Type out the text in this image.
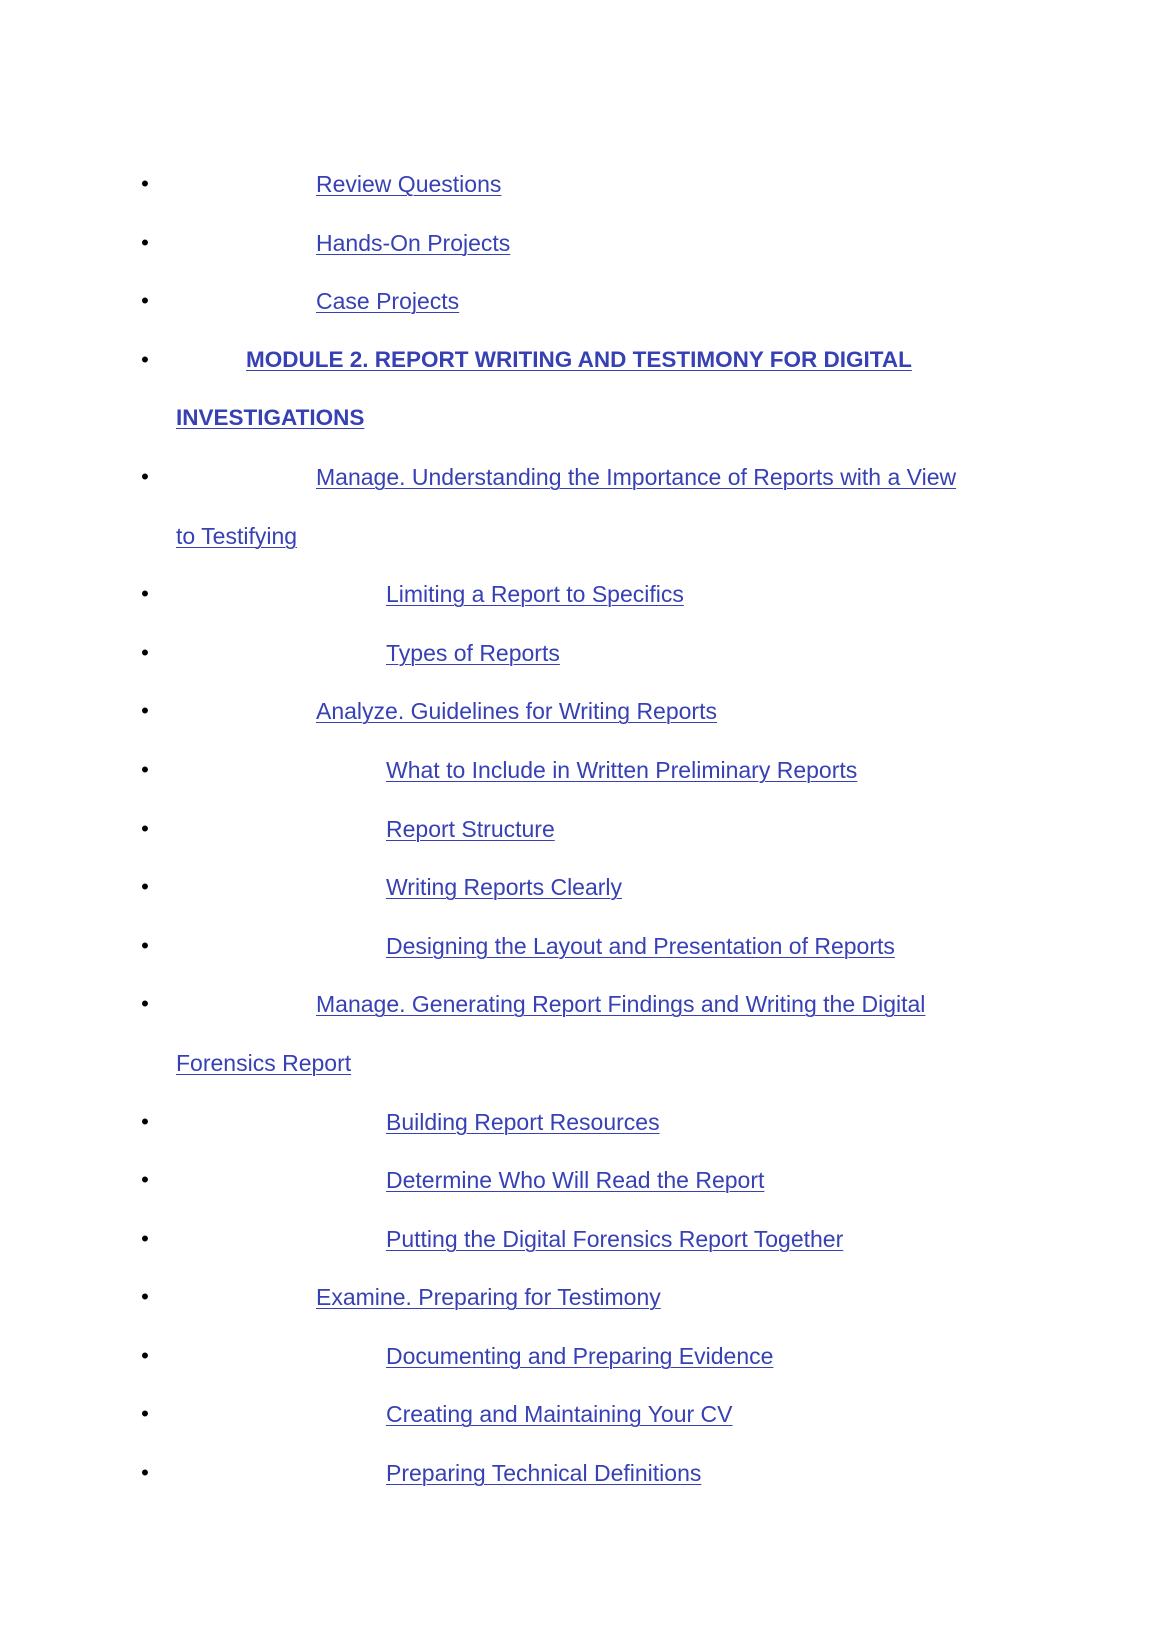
•	Review Questions
•	Hands-On Projects
•	Case Projects
•	MODULE 2. REPORT WRITING AND TESTIMONY FOR DIGITAL
INVESTIGATIONS
•	Manage. Understanding the Importance of Reports with a View
to Testifying
•	Limiting a Report to Specifics
•	Types of Reports
•	Analyze. Guidelines for Writing Reports
•	What to Include in Written Preliminary Reports
•	Report Structure
•	Writing Reports Clearly
•	Designing the Layout and Presentation of Reports
•	Manage. Generating Report Findings and Writing the Digital
Forensics Report
•	Building Report Resources
•	Determine Who Will Read the Report
•	Putting the Digital Forensics Report Together
•	Examine. Preparing for Testimony
•	Documenting and Preparing Evidence
•	Creating and Maintaining Your CV
•	Preparing Technical Definitions
